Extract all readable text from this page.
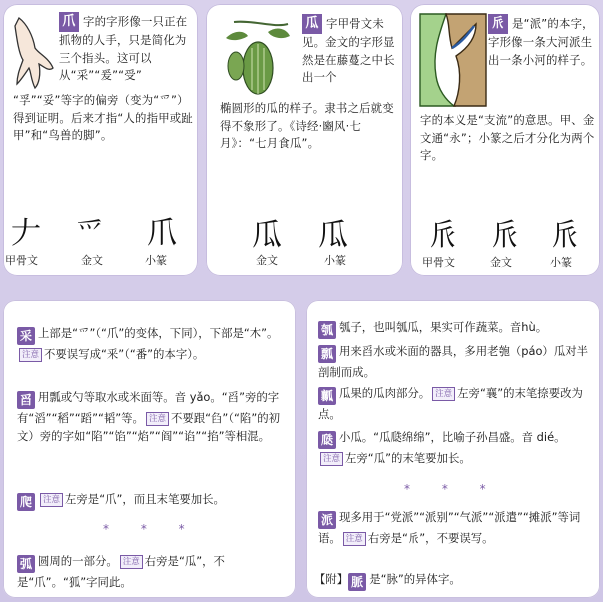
爪 字的字形像一只正在抓物的人手，只是简化为三个指头。这可以从“采”“爰”“受”
“孚”“妥”等字的偏旁（变为“爫”）得到证明。后来才指“人的指甲或趾甲”和“鸟兽的脚”。
𠂇 爫 爪
甲骨文	金文	小篆
瓜 字甲骨文未见。金文的字形显然是在藤蔓之中长出一个
椭圆形的瓜的样子。隶书之后就变得不象形了。《诗经·豳风·七月》：“七月食瓜”。
瓜 瓜
金文	小篆
𠂢 是“派”的本字，字形像一条大河派生出一条小河的样子。
字的本义是“支流”的意思。甲、金文通“永”；小篆之后才分化为两个字。
𠂢 𠂢 𠂢
甲骨文	金文	小篆
采 上部是“爫”（“爪”的变体，下同），下部是“木”。注意 不要误写成“釆”（“番”的本字）。
舀 用瓢或勺等取水或米面等。音 yǎo。“舀”旁的字有“滔”“稻”“蹈”“韬”等。 注意 不要跟“臽”（“陷”的初文）旁的字如“陷”“馅”“焰”“阎”“谄”“掐”等相混。
爬 注意 左旁是“爪”，而且末笔要加长。
* * *
弧 圆周的一部分。 注意 右旁是“瓜”，不是“爪”。“狐”字同此。
瓠 瓠子，也叫瓠瓜，果实可作蔬菜。音hù。
瓢 用来舀水或米面的器具，多用老匏（páo）瓜对半剖制而成。
瓤 瓜果的瓜肉部分。 注意 左旁“襄”的末笔捺要改为点。
瓞 小瓜。“瓜瓞绵绵”，比喻子孙昌盛。音 dié。注意 左旁“瓜”的末笔要加长。
* * *
派 现多用于“党派”“派别”“气派”“派遣”“摊派”等词语。 注意 右旁是“𠂢”，不要误写。
【附】 脈 是“脉”的异体字。
